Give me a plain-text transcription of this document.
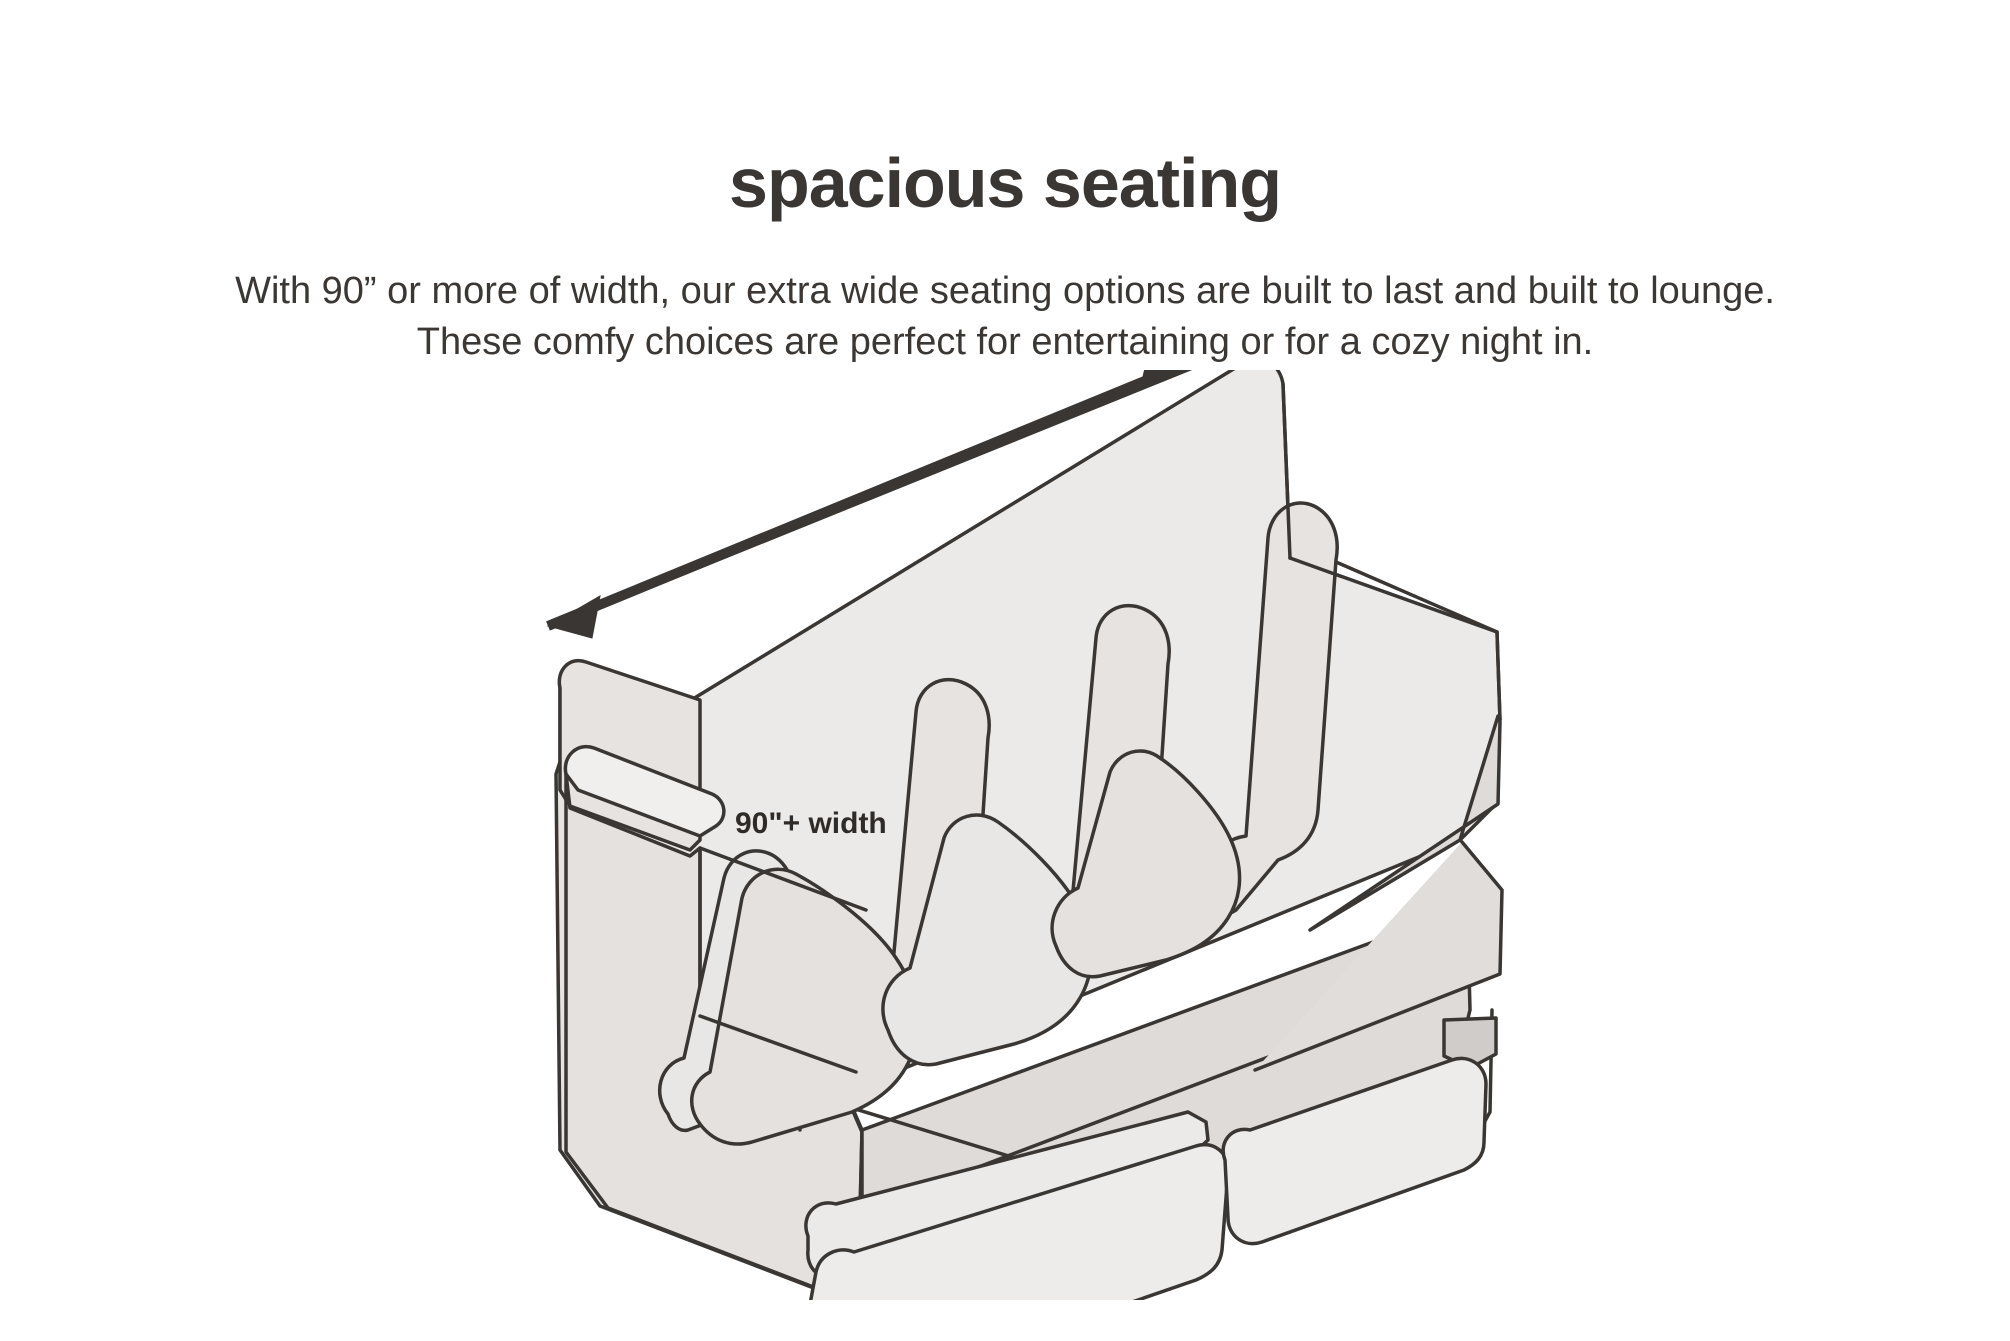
spacious seating

With 90” or more of width, our extra wide seating options are built to last and built to lounge. These comfy choices are perfect for entertaining or for a cozy night in.

90"+ width
